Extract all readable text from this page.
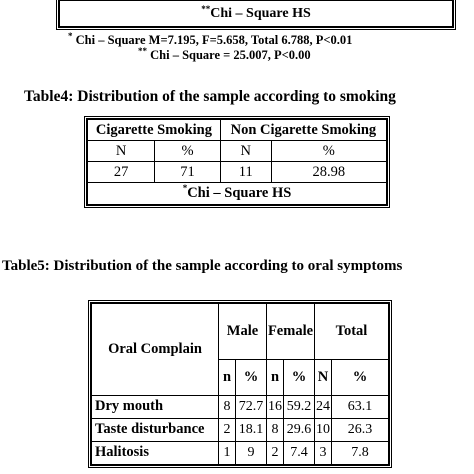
**Chi – Square HS
* Chi – Square M=7.195, F=5.658, Total 6.788, P<0.01
** Chi – Square = 25.007, P<0.00
Table4: Distribution of the sample according to smoking
Cigarette Smoking		Non Cigarette Smoking	
N	%	N	%
27	71	11	28.98
*Chi – Square HS			
Table5: Distribution of the sample according to oral symptoms
Oral Complain	Male		Female		Total	
	n	%	n	%	N	%
Dry mouth	8	72.7	16	59.2	24	63.1
Taste disturbance	2	18.1	8	29.6	10	26.3
Halitosis	1	9	2	7.4	3	7.8
